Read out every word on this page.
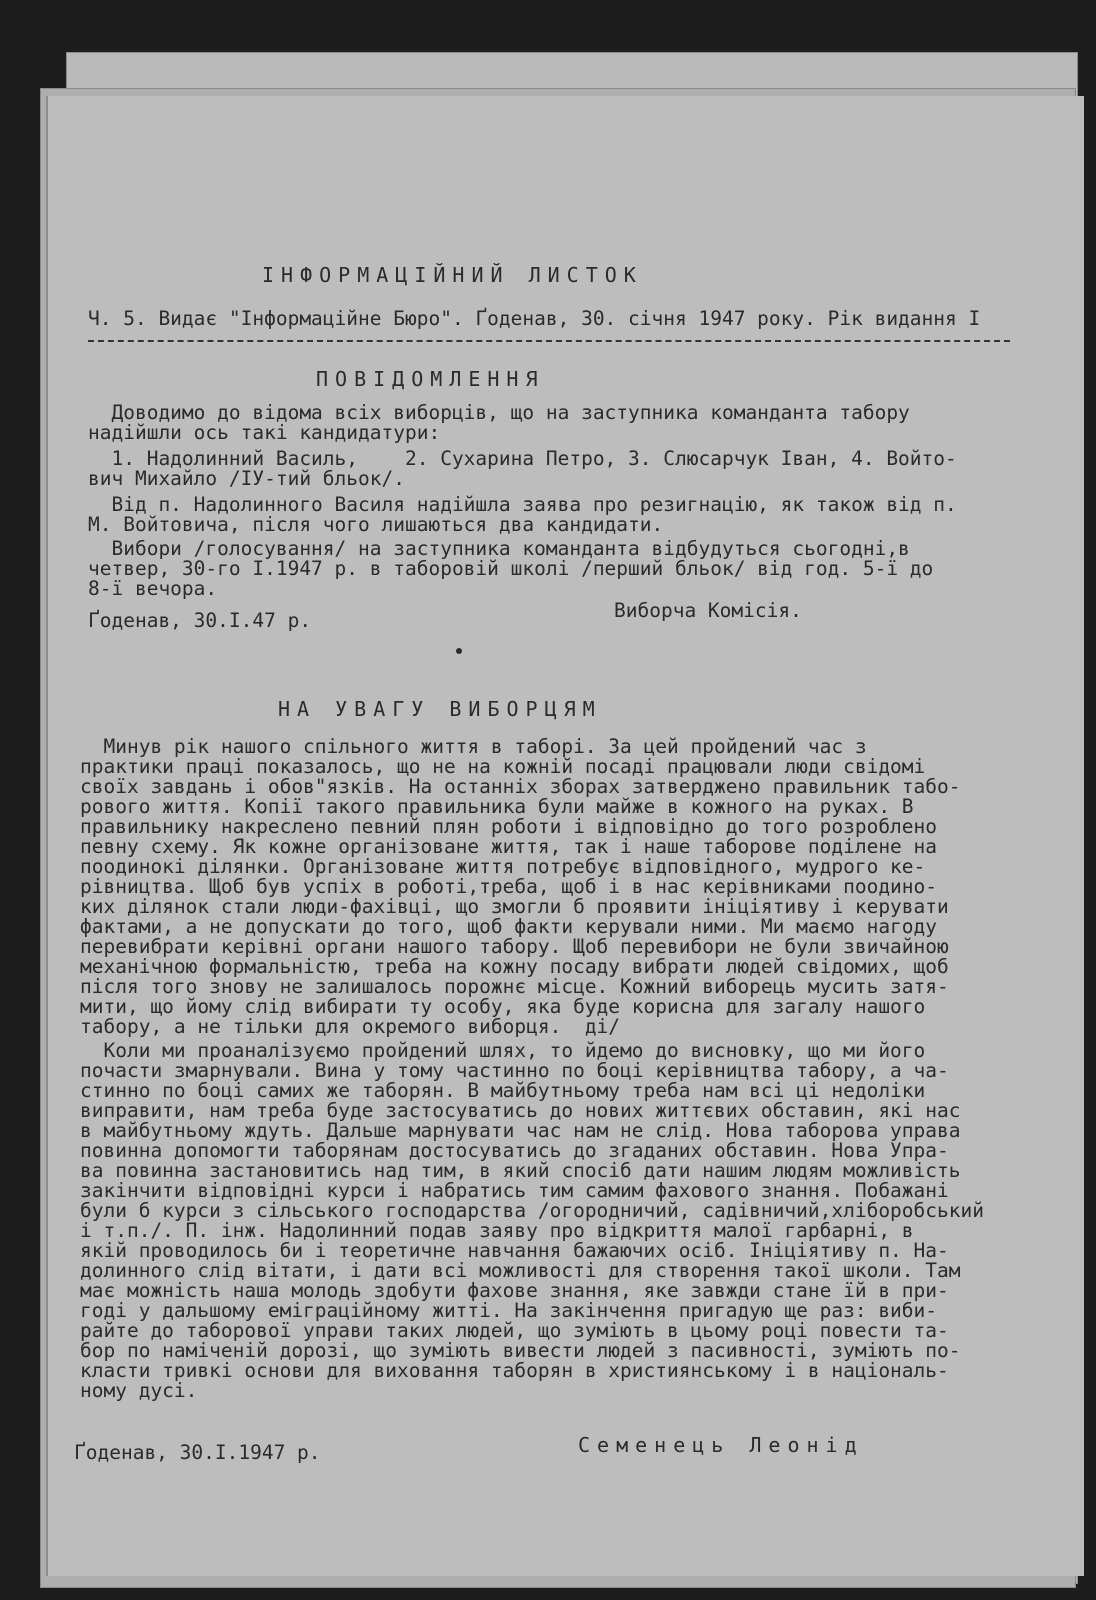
ІНФОРМАЦІЙНИЙ ЛИСТОК
Ч. 5. Видає "Інформаційне Бюро". Ґоденав, 30. січня 1947 року. Рік видання І
ПОВІДОМЛЕННЯ
Доводимо до відома всіх виборців, що на заступника команданта табору
надійшли ось такі кандидатури:
1. Надолинний Василь,    2. Сухарина Петро, 3. Слюсарчук Іван, 4. Войто-
вич Михайло /ІУ-тий бльок/.
Від п. Надолинного Василя надійшла заява про резигнацію, як також від п.
М. Войтовича, після чого лишаються два кандидати.
Вибори /голосування/ на заступника команданта відбудуться сьогодні,в
четвер, 30-го І.1947 р. в таборовій школі /перший бльок/ від год. 5-ї до
8-ї вечора.
Ґоденав, 30.І.47 р.	Виборча Комісія.
НА УВАГУ ВИБОРЦЯМ
Минув рік нашого спільного життя в таборі. За цей пройдений час з
практики праці показалось, що не на кожній посаді працювали люди свідомі
своїх завдань і обов"язків. На останніх зборах затверджено правильник табо-
рового життя. Копії такого правильника були майже в кожного на руках. В
правильнику накреслено певний плян роботи і відповідно до того розроблено
певну схему. Як кожне організоване життя, так і наше таборове поділене на
поодинокі ділянки. Організоване життя потребує відповідного, мудрого ке-
рівництва. Щоб був успіх в роботі,треба, щоб і в нас керівниками поодино-
ких ділянок стали люди-фахівці, що змогли б проявити ініціятиву і керувати
фактами, а не допускати до того, щоб факти керували ними. Ми маємо нагоду
перевибрати керівні органи нашого табору. Щоб перевибори не були звичайною
механічною формальністю, треба на кожну посаду вибрати людей свідомих, щоб
після того знову не залишалось порожнє місце. Кожний виборець мусить затя-
мити, що йому слід вибирати ту особу, яка буде корисна для загалу нашого
табору, а не тільки для окремого виборця.  ді/
Коли ми проаналізуємо пройдений шлях, то йдемо до висновку, що ми його
почасти змарнували. Вина у тому частинно по боці керівництва табору, а ча-
стинно по боці самих же таборян. В майбутньому треба нам всі ці недоліки
виправити, нам треба буде застосуватись до нових життєвих обставин, які нас
в майбутньому ждуть. Дальше марнувати час нам не слід. Нова таборова управа
повинна допомогти таборянам достосуватись до згаданих обставин. Нова Упра-
ва повинна застановитись над тим, в який спосіб дати нашим людям можливість
закінчити відповідні курси і набратись тим самим фахового знання. Побажані
були б курси з сільського господарства /огородничий, садівничий,хліборобський
і т.п./. П. інж. Надолинний подав заяву про відкриття малої гарбарні, в
якій проводилось би і теоретичне навчання бажаючих осіб. Ініціятиву п. На-
долинного слід вітати, і дати всі можливості для створення такої школи. Там
має можність наша молодь здобути фахове знання, яке завжди стане їй в при-
годі у дальшому еміграційному житті. На закінчення пригадую ще раз: виби-
райте до таборової управи таких людей, що зуміють в цьому році повести та-
бор по наміченій дорозі, що зуміють вивести людей з пасивності, зуміють по-
класти тривкі основи для виховання таборян в християнському і в національ-
ному дусі.
Ґоденав, 30.І.1947 р.	Семенець Леонід
